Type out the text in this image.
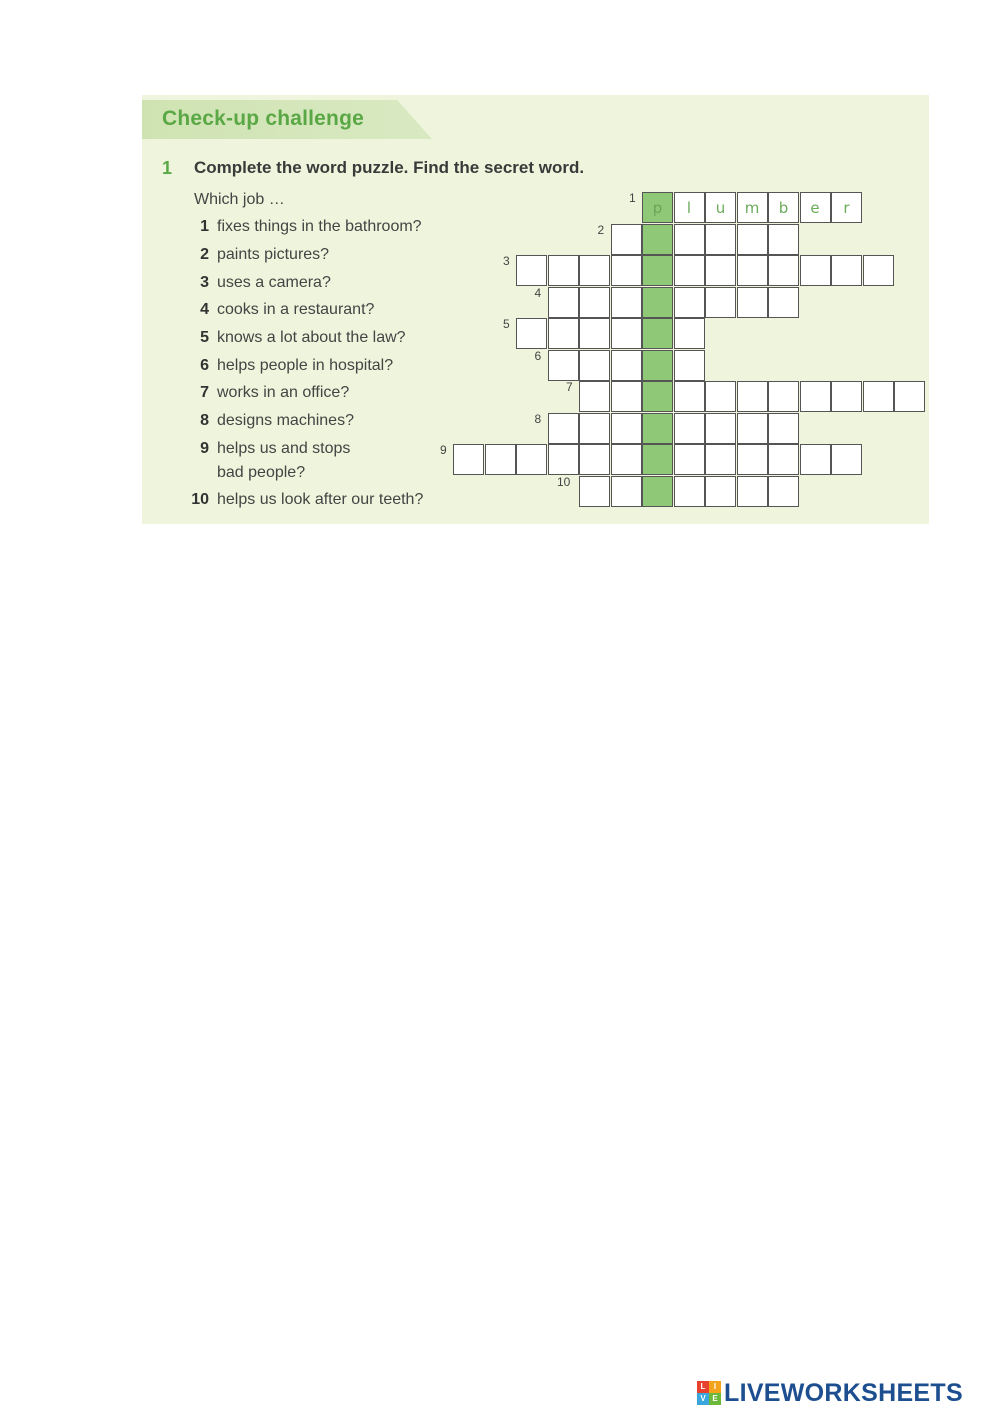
Check-up challenge
1 Complete the word puzzle. Find the secret word.
Which job …
1 fixes things in the bathroom?
2 paints pictures?
3 uses a camera?
4 cooks in a restaurant?
5 knows a lot about the law?
6 helps people in hospital?
7 works in an office?
8 designs machines?
9 helps us and stops
bad people?
10 helps us look after our teeth?
1
p	l	u	m	b	e	r
2
3
4
5
6
7
8
9
10
L	I
V E LIVEWORKSHEETS
